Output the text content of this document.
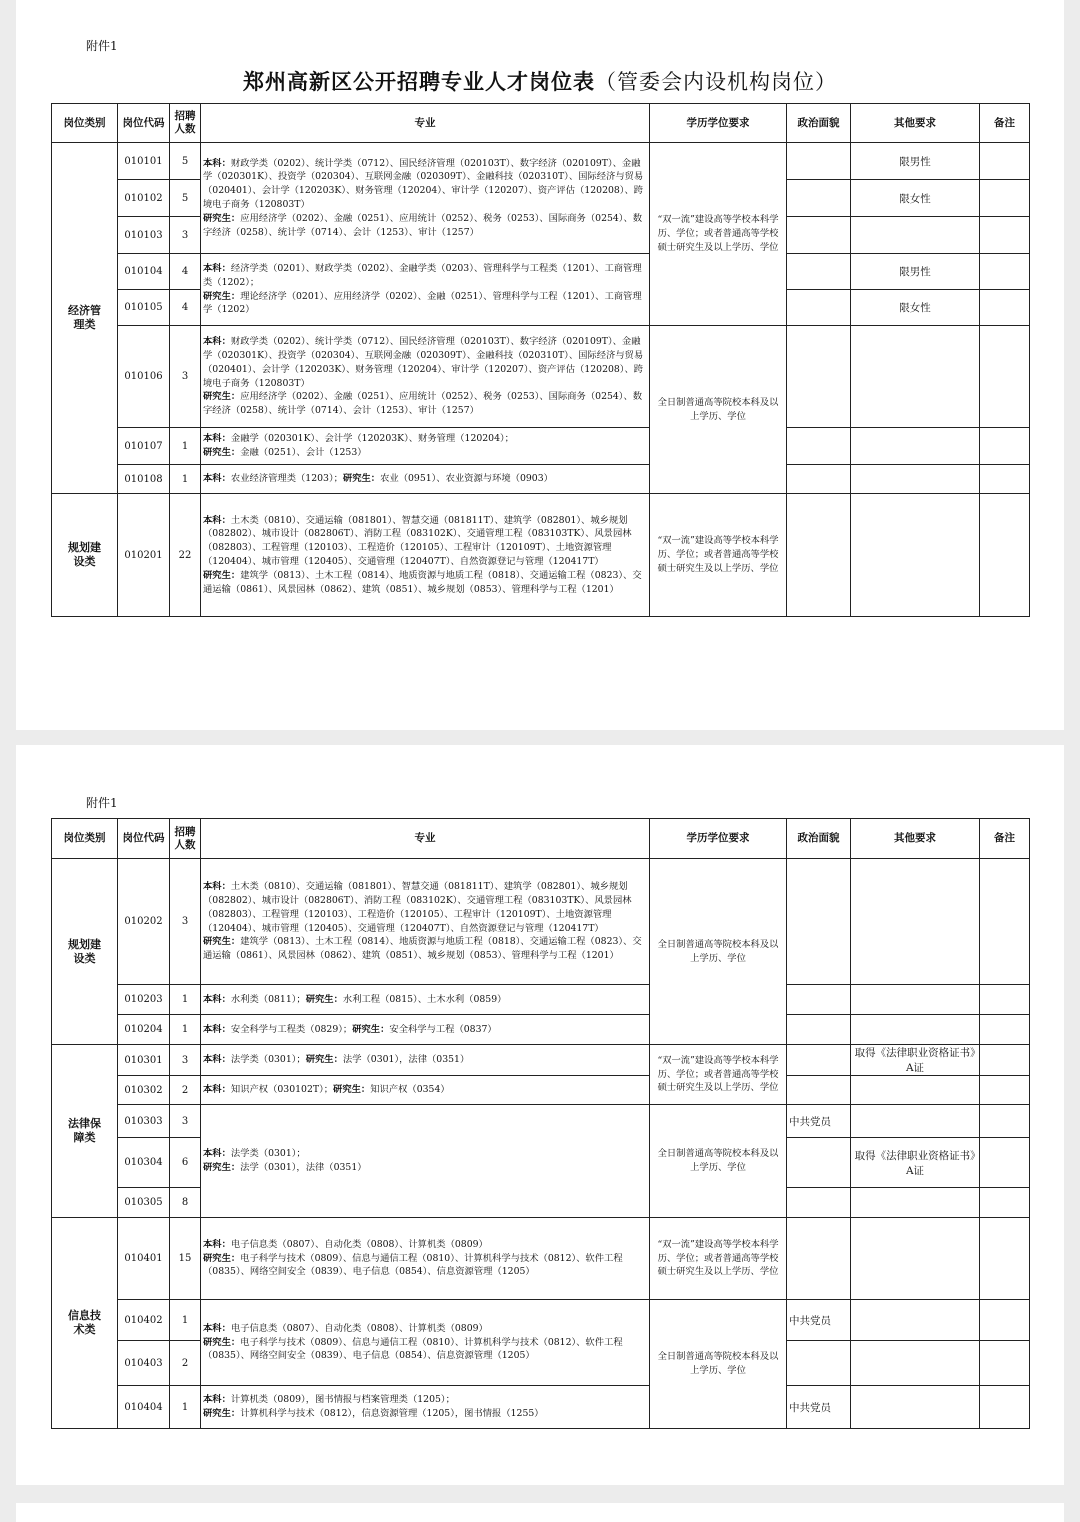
附件1
郑州高新区公开招聘专业人才岗位表（管委会内设机构岗位）
岗位类别	岗位代码	招聘人数	专业	学历学位要求	政治面貌	其他要求	备注
经济管理类	010101	5	本科：财政学类（0202）、统计学类（0712）、国民经济管理（020103T）、数字经济（020109T）、金融学（020301K）、投资学（020304）、互联网金融（020309T）、金融科技（020310T）、国际经济与贸易（020401）、会计学（120203K）、财务管理（120204）、审计学（120207）、资产评估（120208）、跨境电子商务（120803T）
研究生：应用经济学（0202）、金融（0251）、应用统计（0252）、税务（0253）、国际商务（0254）、数字经济（0258）、统计学（0714）、会计（1253）、审计（1257）	“双一流”建设高等学校本科学历、学位；或者普通高等学校硕士研究生及以上学历、学位		限男性	
	010102	5				限女性	
	010103	3					
	010104	4	本科：经济学类（0201）、财政学类（0202）、金融学类（0203）、管理科学与工程类（1201）、工商管理类（1202）；
研究生：理论经济学（0201）、应用经济学（0202）、金融（0251）、管理科学与工程（1201）、工商管理学（1202）			限男性	
	010105	4				限女性	
	010106	3	本科：财政学类（0202）、统计学类（0712）、国民经济管理（020103T）、数字经济（020109T）、金融学（020301K）、投资学（020304）、互联网金融（020309T）、金融科技（020310T）、国际经济与贸易（020401）、会计学（120203K）、财务管理（120204）、审计学（120207）、资产评估（120208）、跨境电子商务（120803T）
研究生：应用经济学（0202）、金融（0251）、应用统计（0252）、税务（0253）、国际商务（0254）、数字经济（0258）、统计学（0714）、会计（1253）、审计（1257）	全日制普通高等院校本科及以上学历、学位			
	010107	1	本科：金融学（020301K）、会计学（120203K）、财务管理（120204）；
研究生：金融（0251）、会计（1253）				
	010108	1	本科：农业经济管理类（1203）；研究生：农业（0951）、农业资源与环境（0903）				
规划建设类	010201	22	本科：土木类（0810）、交通运输（081801）、智慧交通（081811T）、建筑学（082801）、城乡规划（082802）、城市设计（082806T）、消防工程（083102K）、交通管理工程（083103TK）、风景园林（082803）、工程管理（120103）、工程造价（120105）、工程审计（120109T）、土地资源管理（120404）、城市管理（120405）、交通管理（120407T）、自然资源登记与管理（120417T）
研究生：建筑学（0813）、土木工程（0814）、地质资源与地质工程（0818）、交通运输工程（0823）、交通运输（0861）、风景园林（0862）、建筑（0851）、城乡规划（0853）、管理科学与工程（1201）	“双一流”建设高等学校本科学历、学位；或者普通高等学校硕士研究生及以上学历、学位			
附件1
岗位类别	岗位代码	招聘人数	专业	学历学位要求	政治面貌	其他要求	备注
规划建设类	010202	3	本科：土木类（0810）、交通运输（081801）、智慧交通（081811T）、建筑学（082801）、城乡规划（082802）、城市设计（082806T）、消防工程（083102K）、交通管理工程（083103TK）、风景园林（082803）、工程管理（120103）、工程造价（120105）、工程审计（120109T）、土地资源管理（120404）、城市管理（120405）、交通管理（120407T）、自然资源登记与管理（120417T）
研究生：建筑学（0813）、土木工程（0814）、地质资源与地质工程（0818）、交通运输工程（0823）、交通运输（0861）、风景园林（0862）、建筑（0851）、城乡规划（0853）、管理科学与工程（1201）	全日制普通高等院校本科及以上学历、学位			
	010203	1	本科：水利类（0811）；研究生：水利工程（0815）、土木水利（0859）				
	010204	1	本科：安全科学与工程类（0829）；研究生：安全科学与工程（0837）				
法律保障类	010301	3	本科：法学类（0301）；研究生：法学（0301），法律（0351）	“双一流”建设高等学校本科学历、学位；或者普通高等学校硕士研究生及以上学历、学位		取得《法律职业资格证书》A证	
	010302	2	本科：知识产权（030102T）；研究生：知识产权（0354）				
	010303	3	本科：法学类（0301）；
研究生：法学（0301），法律（0351）	全日制普通高等院校本科及以上学历、学位	中共党员		
	010304	6				取得《法律职业资格证书》A证	
	010305	8					
信息技术类	010401	15	本科：电子信息类（0807）、自动化类（0808）、计算机类（0809）
研究生：电子科学与技术（0809）、信息与通信工程（0810）、计算机科学与技术（0812）、软件工程（0835）、网络空间安全（0839）、电子信息（0854）、信息资源管理（1205）	“双一流”建设高等学校本科学历、学位；或者普通高等学校硕士研究生及以上学历、学位			
	010402	1	本科：电子信息类（0807）、自动化类（0808）、计算机类（0809）
研究生：电子科学与技术（0809）、信息与通信工程（0810）、计算机科学与技术（0812）、软件工程（0835）、网络空间安全（0839）、电子信息（0854）、信息资源管理（1205）	全日制普通高等院校本科及以上学历、学位	中共党员		
	010403	2					
	010404	1	本科：计算机类（0809），图书情报与档案管理类（1205）；
研究生：计算机科学与技术（0812），信息资源管理（1205），图书情报（1255）		中共党员		
